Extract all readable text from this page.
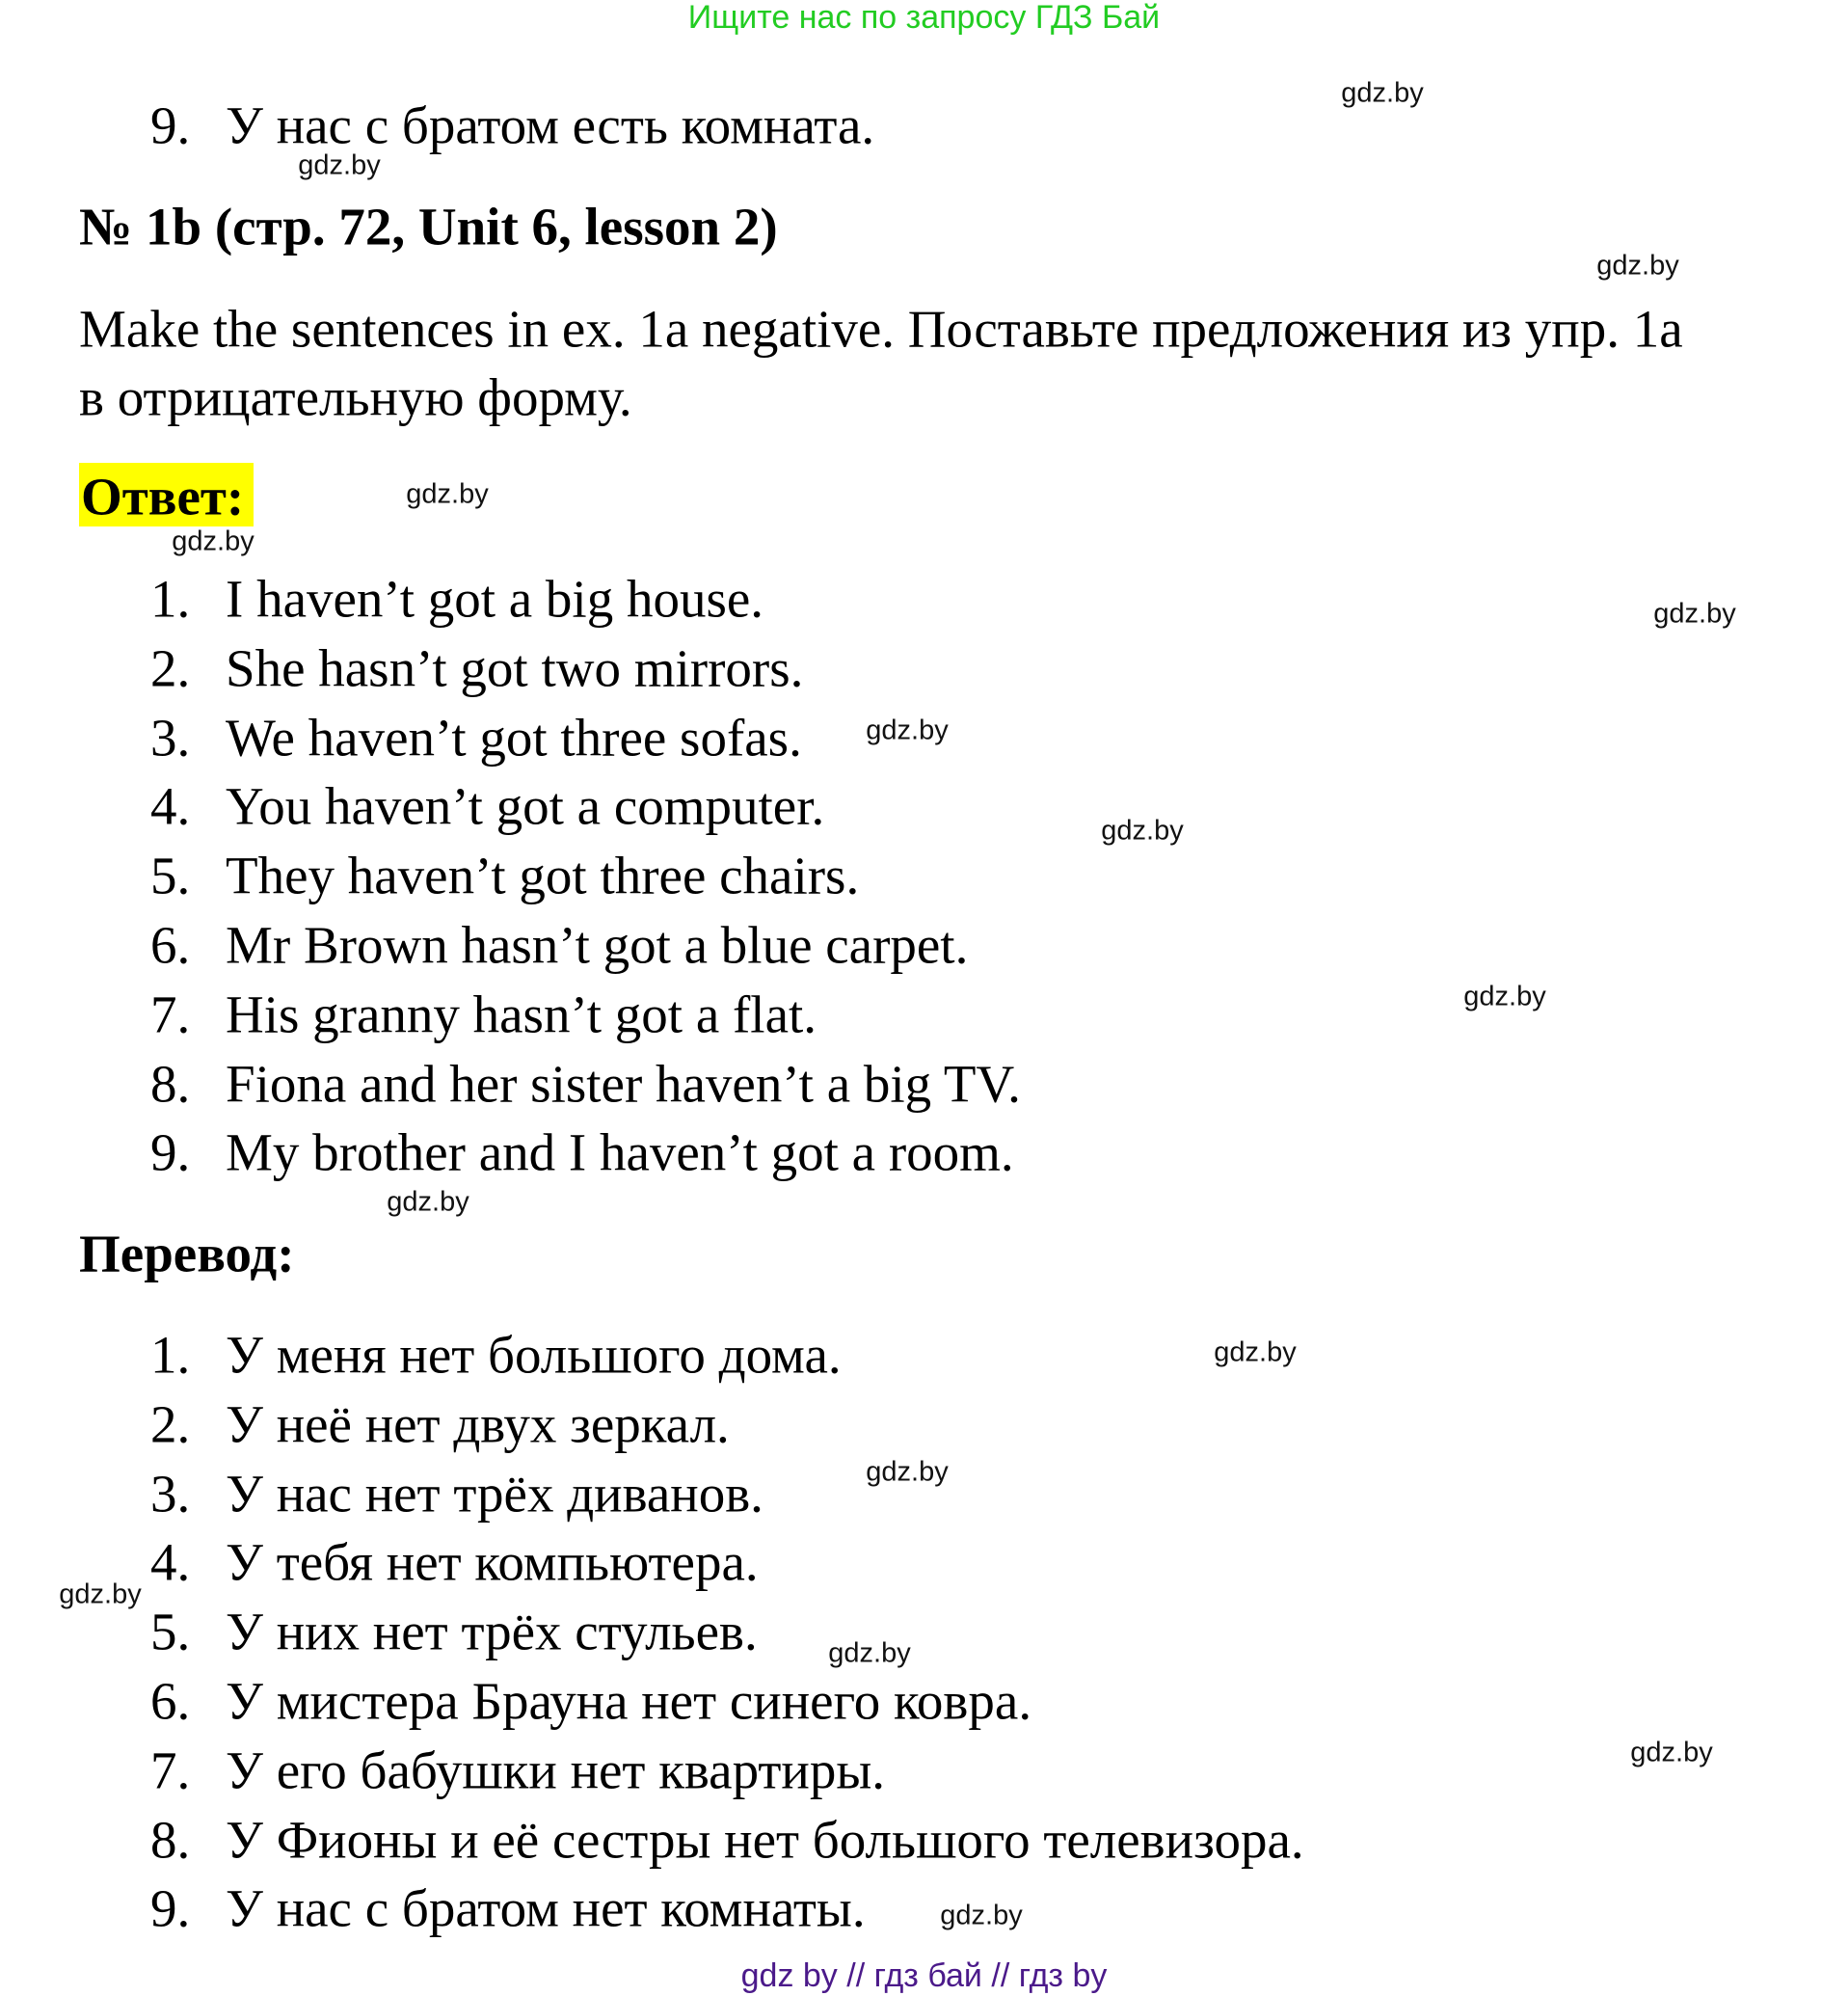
Ищите нас по запросу ГДЗ Бай
9. У нас с братом есть комната.
№ 1b (стр. 72, Unit 6, lesson 2)
Make the sentences in ex. 1a negative. Поставьте предложения из упр. 1a
в отрицательную форму.
Ответ:
1. I haven’t got a big house.
2. She hasn’t got two mirrors.
3. We haven’t got three sofas.
4. You haven’t got a computer.
5. They haven’t got three chairs.
6. Mr Brown hasn’t got a blue carpet.
7. His granny hasn’t got a flat.
8. Fiona and her sister haven’t a big TV.
9. My brother and I haven’t got a room.
Перевод:
1. У меня нет большого дома.
2. У неё нет двух зеркал.
3. У нас нет трёх диванов.
4. У тебя нет компьютера.
5. У них нет трёх стульев.
6. У мистера Брауна нет синего ковра.
7. У его бабушки нет квартиры.
8. У Фионы и её сестры нет большого телевизора.
9. У нас с братом нет комнаты.
gdz.by
gdz.by
gdz.by
gdz.by
gdz.by
gdz.by
gdz.by
gdz.by
gdz.by
gdz.by
gdz.by
gdz.by
gdz.by
gdz.by
gdz.by
gdz.by
gdz by // гдз бай // гдз by
